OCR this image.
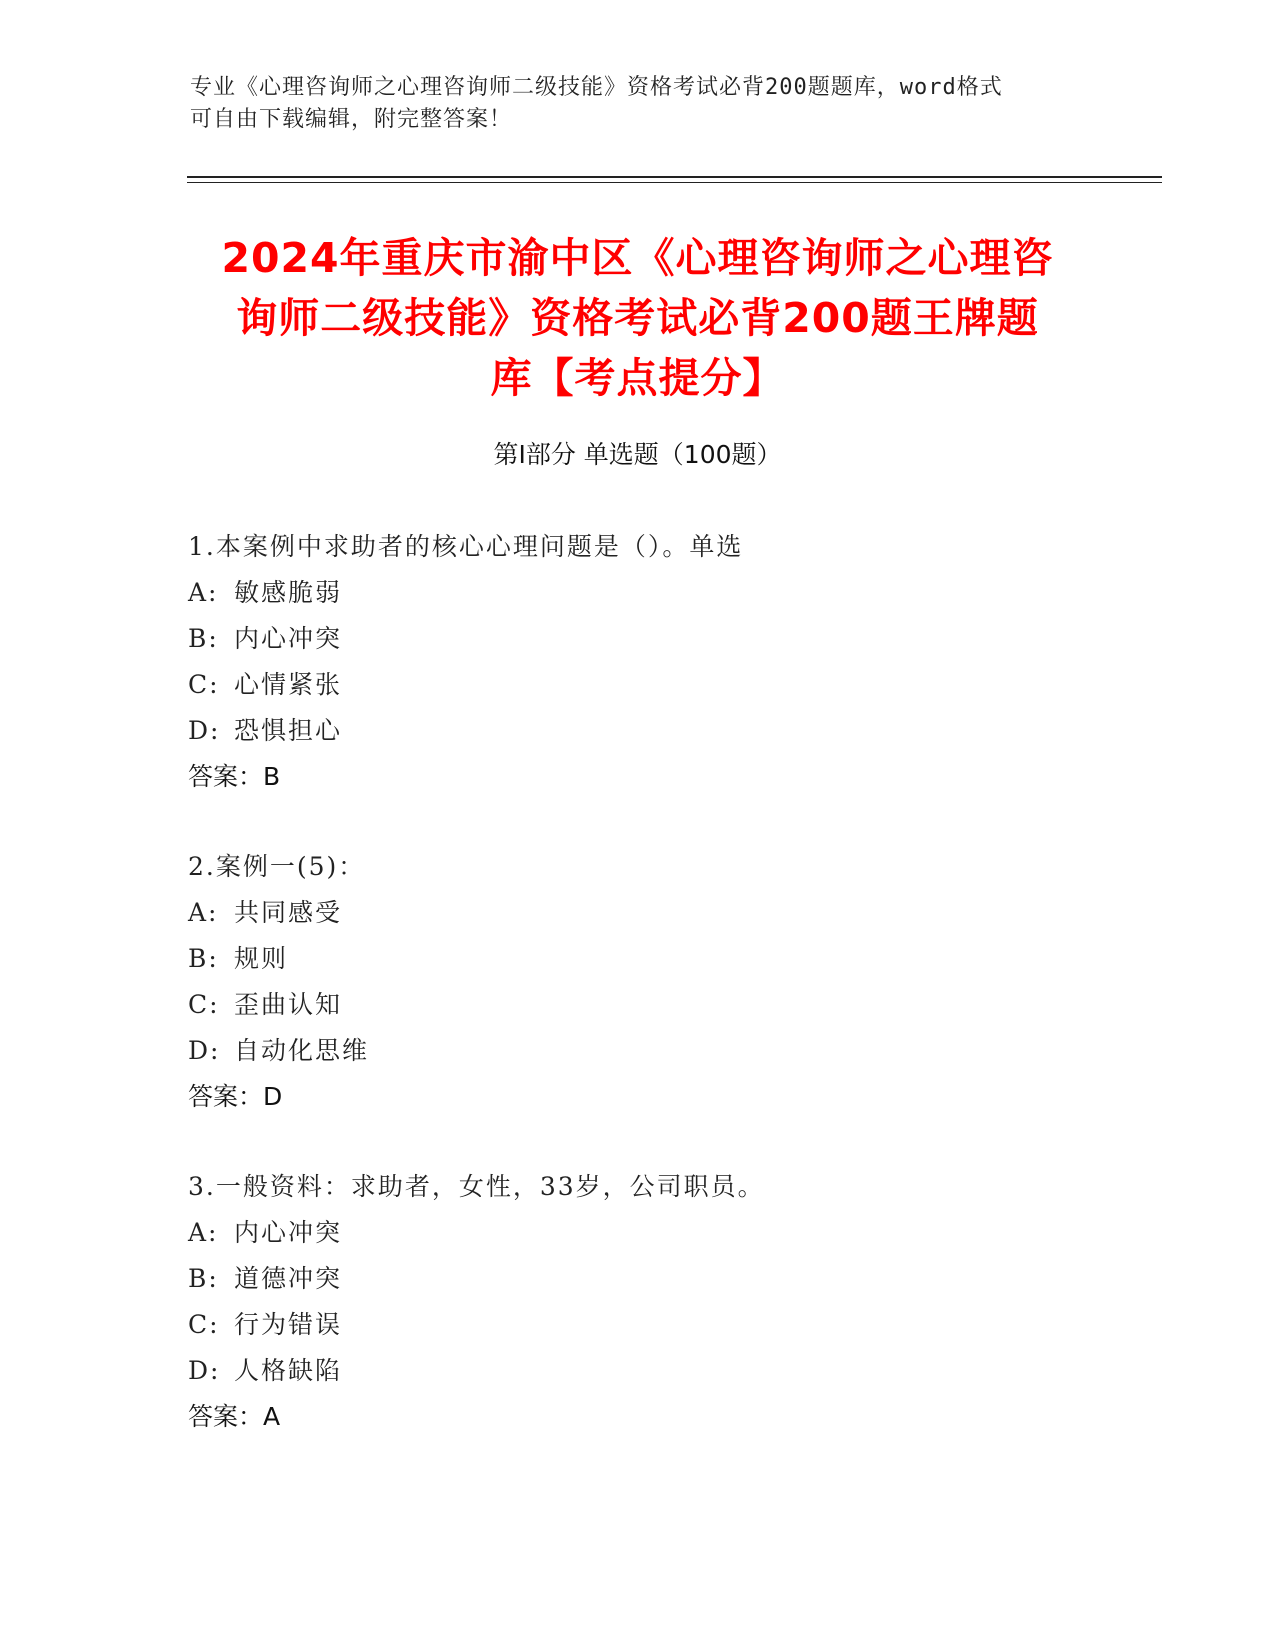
专业《心理咨询师之心理咨询师二级技能》资格考试必背200题题库，word格式
可自由下载编辑，附完整答案！
2024年重庆市渝中区《心理咨询师之心理咨
询师二级技能》资格考试必背200题王牌题
库【考点提分】
第Ⅰ部分 单选题（100题）
1.本案例中求助者的核心心理问题是（）。单选
A: 敏感脆弱
B: 内心冲突
C: 心情紧张
D: 恐惧担心
答案：B
2.案例一(5)：
A: 共同感受
B: 规则
C: 歪曲认知
D: 自动化思维
答案：D
3.一般资料：求助者，女性，33岁，公司职员。
A: 内心冲突
B: 道德冲突
C: 行为错误
D: 人格缺陷
答案：A
